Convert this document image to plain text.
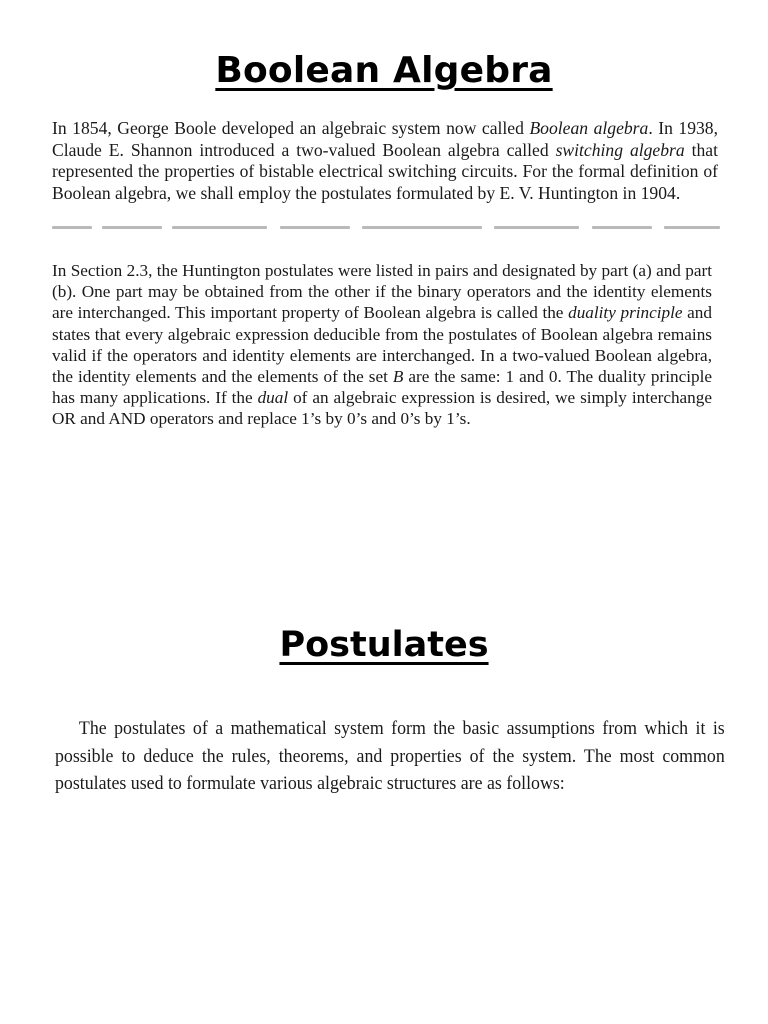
Boolean Algebra

In 1854, George Boole developed an algebraic system now called Boolean algebra. In 1938, Claude E. Shannon introduced a two-valued Boolean algebra called switching algebra that represented the properties of bistable electrical switching circuits. For the formal definition of Boolean algebra, we shall employ the postulates formulated by E. V. Huntington in 1904.

In Section 2.3, the Huntington postulates were listed in pairs and designated by part (a) and part (b). One part may be obtained from the other if the binary operators and the identity elements are interchanged. This important property of Boolean algebra is called the duality principle and states that every algebraic expression deducible from the postulates of Boolean algebra remains valid if the operators and identity elements are interchanged. In a two-valued Boolean algebra, the identity elements and the elements of the set B are the same: 1 and 0. The duality principle has many applications. If the dual of an algebraic expression is desired, we simply interchange OR and AND operators and replace 1’s by 0’s and 0’s by 1’s.

Postulates

The postulates of a mathematical system form the basic assumptions from which it is possible to deduce the rules, theorems, and properties of the system. The most common postulates used to formulate various algebraic structures are as follows:
